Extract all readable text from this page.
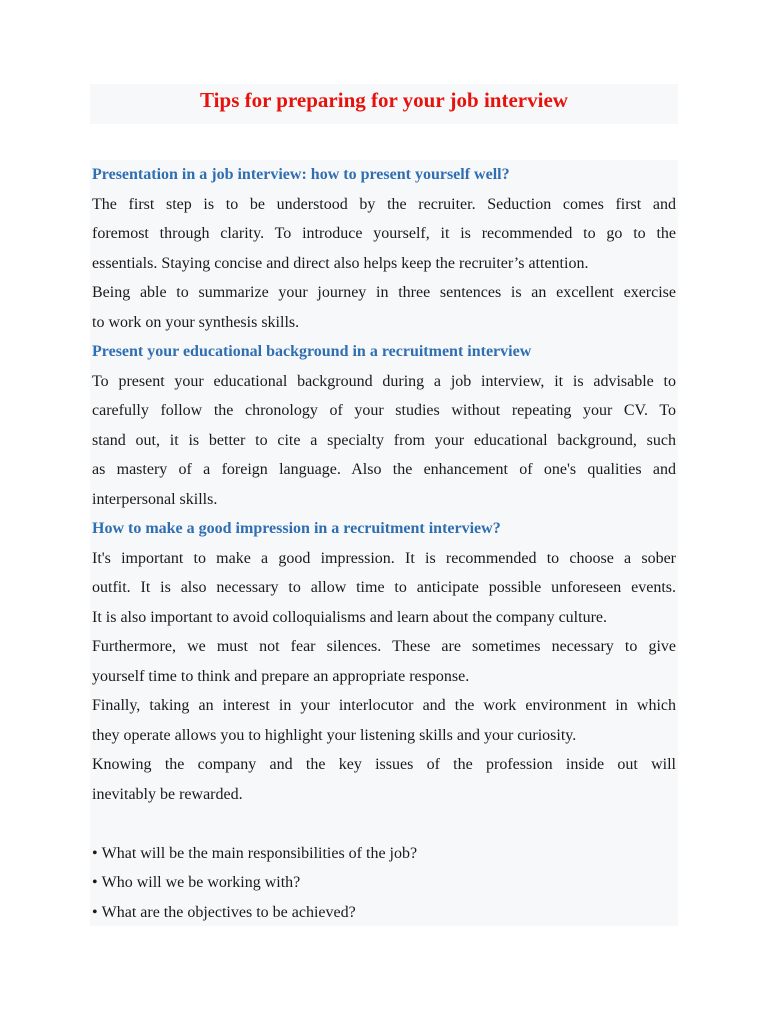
Tips for preparing for your job interview
Presentation in a job interview: how to present yourself well?

The first step is to be understood by the recruiter. Seduction comes first and
foremost through clarity. To introduce yourself, it is recommended to go to the
essentials. Staying concise and direct also helps keep the recruiter’s attention.

Being able to summarize your journey in three sentences is an excellent exercise
to work on your synthesis skills.

Present your educational background in a recruitment interview

To present your educational background during a job interview, it is advisable to
carefully follow the chronology of your studies without repeating your CV. To
stand out, it is better to cite a specialty from your educational background, such
as mastery of a foreign language. Also the enhancement of one's qualities and
interpersonal skills.

How to make a good impression in a recruitment interview?

It's important to make a good impression. It is recommended to choose a sober
outfit. It is also necessary to allow time to anticipate possible unforeseen events.
It is also important to avoid colloquialisms and learn about the company culture.

Furthermore, we must not fear silences. These are sometimes necessary to give
yourself time to think and prepare an appropriate response.

Finally, taking an interest in your interlocutor and the work environment in which
they operate allows you to highlight your listening skills and your curiosity.

Knowing the company and the key issues of the profession inside out will
inevitably be rewarded.

• What will be the main responsibilities of the job?
• Who will we be working with?
• What are the objectives to be achieved?
